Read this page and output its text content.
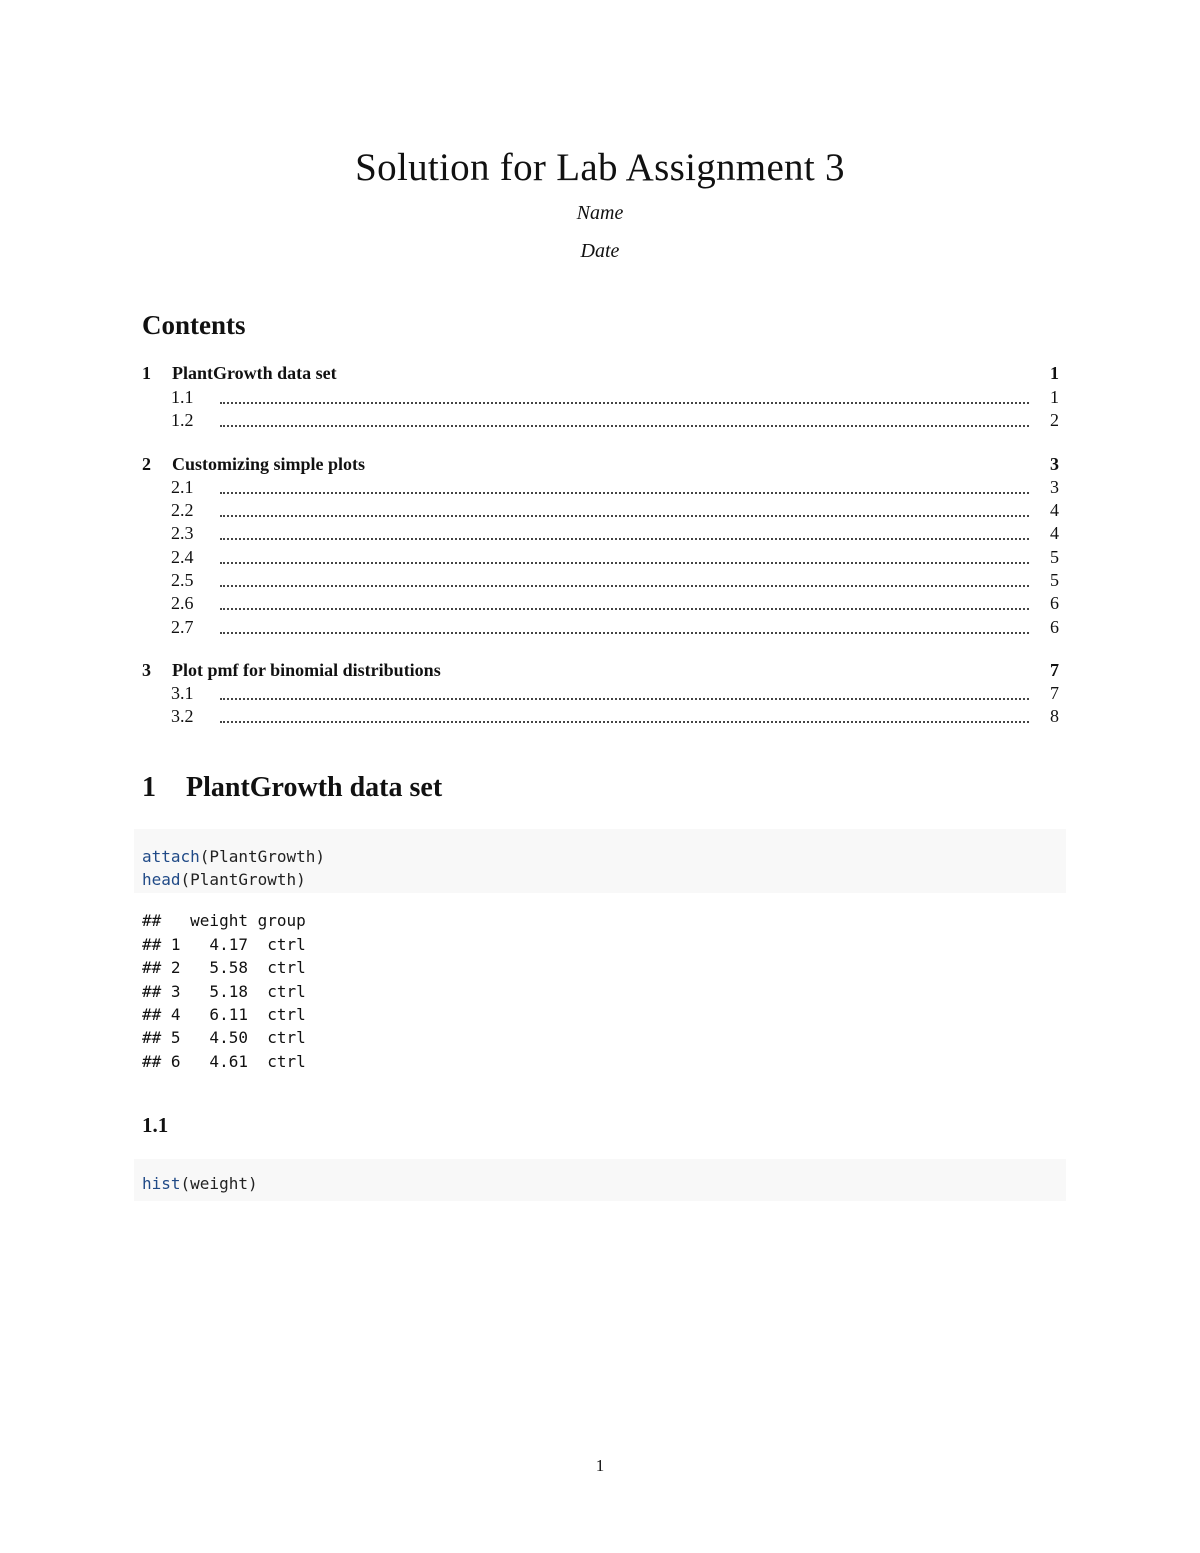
Solution for Lab Assignment 3
Name
Date
Contents
1 PlantGrowth data set	1
1.1	1
1.2	2
2 Customizing simple plots	3
2.1	3
2.2	4
2.3	4
2.4	5
2.5	5
2.6	6
2.7	6
3 Plot pmf for binomial distributions	7
3.1	7
3.2	8
1 PlantGrowth data set
attach(PlantGrowth)
head(PlantGrowth)
##   weight group
## 1   4.17  ctrl
## 2   5.58  ctrl
## 3   5.18  ctrl
## 4   6.11  ctrl
## 5   4.50  ctrl
## 6   4.61  ctrl
1.1
hist(weight)
1
